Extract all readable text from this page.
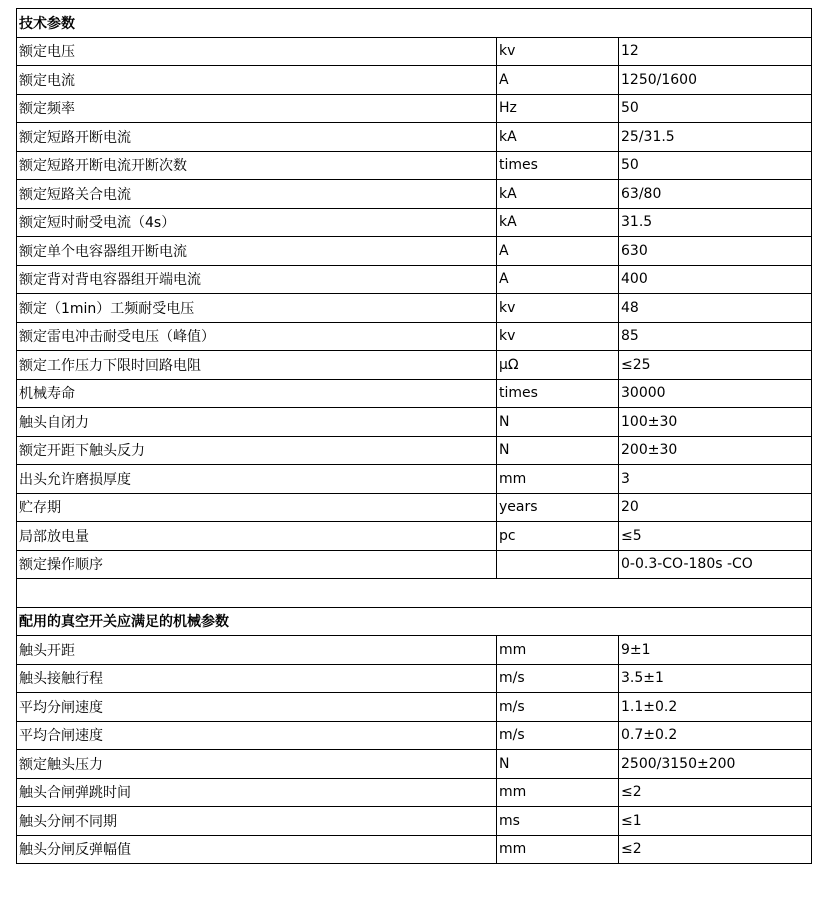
技术参数		
额定电压	kv	12
额定电流	A	1250/1600
额定频率	Hz	50
额定短路开断电流	kA	25/31.5
额定短路开断电流开断次数	times	50
额定短路关合电流	kA	63/80
额定短时耐受电流（4s）	kA	31.5
额定单个电容器组开断电流	A	630
额定背对背电容器组开端电流	A	400
额定（1min）工频耐受电压	kv	48
额定雷电冲击耐受电压（峰值）	kv	85
额定工作压力下限时回路电阻	μΩ	≤25
机械寿命	times	30000
触头自闭力	N	100±30
额定开距下触头反力	N	200±30
出头允许磨损厚度	mm	3
贮存期	years	20
局部放电量	pc	≤5
额定操作顺序		0-0.3-CO-180s -CO

配用的真空开关应满足的机械参数		
触头开距	mm	9±1
触头接触行程	m/s	3.5±1
平均分闸速度	m/s	1.1±0.2
平均合闸速度	m/s	0.7±0.2
额定触头压力	N	2500/3150±200
触头合闸弹跳时间	mm	≤2
触头分闸不同期	ms	≤1
触头分闸反弹幅值	mm	≤2
